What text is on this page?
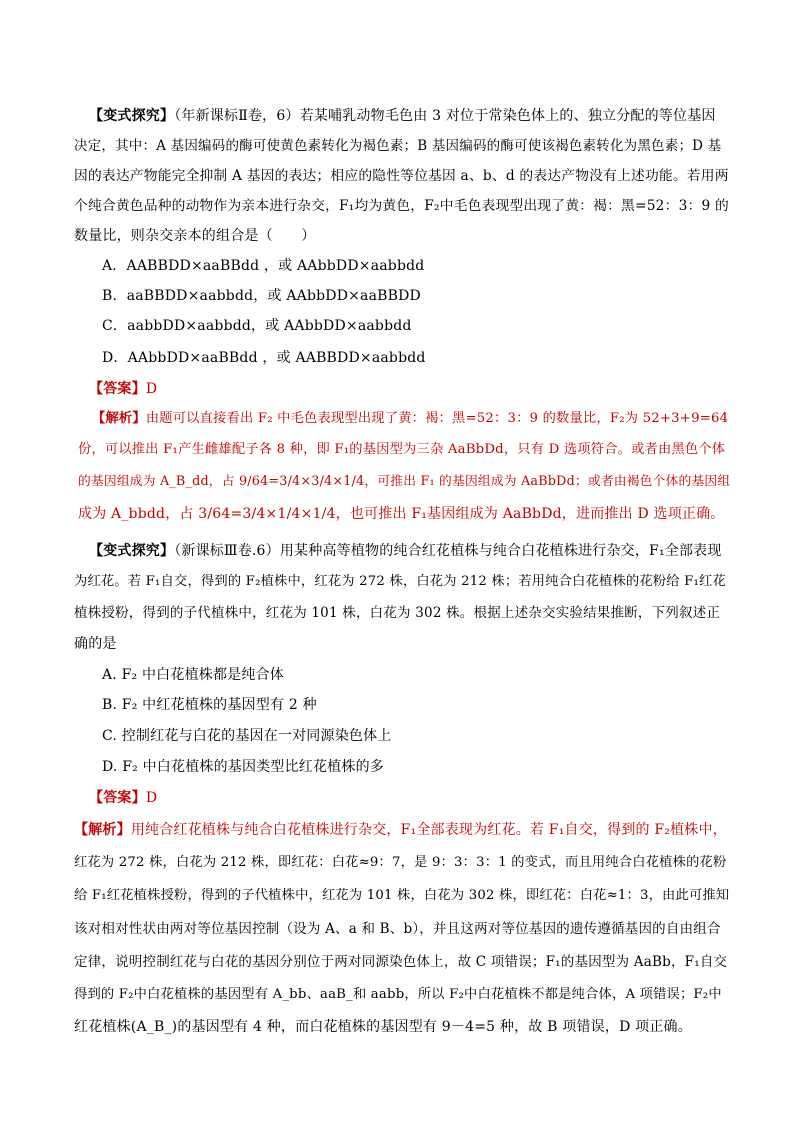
【变式探究】（年新课标Ⅱ卷，6）若某哺乳动物毛色由 3 对位于常染色体上的、独立分配的等位基因
决定，其中：A 基因编码的酶可使黄色素转化为褐色素；B 基因编码的酶可使该褐色素转化为黑色素；D 基
因的表达产物能完全抑制 A 基因的表达；相应的隐性等位基因 a、b、d 的表达产物没有上述功能。若用两
个纯合黄色品种的动物作为亲本进行杂交，F₁均为黄色，F₂中毛色表现型出现了黄：褐：黑=52：3：9 的
数量比，则杂交亲本的组合是（　　）
A．AABBDD×aaBBdd ，或 AAbbDD×aabbdd
B．aaBBDD×aabbdd，或 AAbbDD×aaBBDD
C．aabbDD×aabbdd，或 AAbbDD×aabbdd
D．AAbbDD×aaBBdd ，或 AABBDD×aabbdd
【答案】D
【解析】由题可以直接看出 F₂ 中毛色表现型出现了黄：褐：黑=52：3：9 的数量比，F₂为 52+3+9=64
份，可以推出 F₁产生雌雄配子各 8 种，即 F₁的基因型为三杂 AaBbDd，只有 D 选项符合。或者由黑色个体
的基因组成为 A_B_dd，占 9/64=3/4×3/4×1/4，可推出 F₁ 的基因组成为 AaBbDd；或者由褐色个体的基因组
成为 A_bbdd，占 3/64=3/4×1/4×1/4，也可推出 F₁基因组成为 AaBbDd，进而推出 D 选项正确。
【变式探究】（新课标Ⅲ卷.6）用某种高等植物的纯合红花植株与纯合白花植株进行杂交，F₁全部表现
为红花。若 F₁自交，得到的 F₂植株中，红花为 272 株，白花为 212 株；若用纯合白花植株的花粉给 F₁红花
植株授粉，得到的子代植株中，红花为 101 株，白花为 302 株。根据上述杂交实验结果推断，下列叙述正
确的是
A. F₂ 中白花植株都是纯合体
B. F₂ 中红花植株的基因型有 2 种
C. 控制红花与白花的基因在一对同源染色体上
D. F₂ 中白花植株的基因类型比红花植株的多
【答案】D
【解析】用纯合红花植株与纯合白花植株进行杂交，F₁全部表现为红花。若 F₁自交，得到的 F₂植株中，
红花为 272 株，白花为 212 株，即红花：白花≈9：7，是 9：3：3：1 的变式，而且用纯合白花植株的花粉
给 F₁红花植株授粉，得到的子代植株中，红花为 101 株，白花为 302 株，即红花：白花≈1：3，由此可推知
该对相对性状由两对等位基因控制（设为 A、a 和 B、b），并且这两对等位基因的遗传遵循基因的自由组合
定律，说明控制红花与白花的基因分别位于两对同源染色体上，故 C 项错误；F₁的基因型为 AaBb，F₁自交
得到的 F₂中白花植株的基因型有 A_bb、aaB_和 aabb，所以 F₂中白花植株不都是纯合体，A 项错误；F₂中
红花植株(A_B_)的基因型有 4 种，而白花植株的基因型有 9－4=5 种，故 B 项错误，D 项正确。
